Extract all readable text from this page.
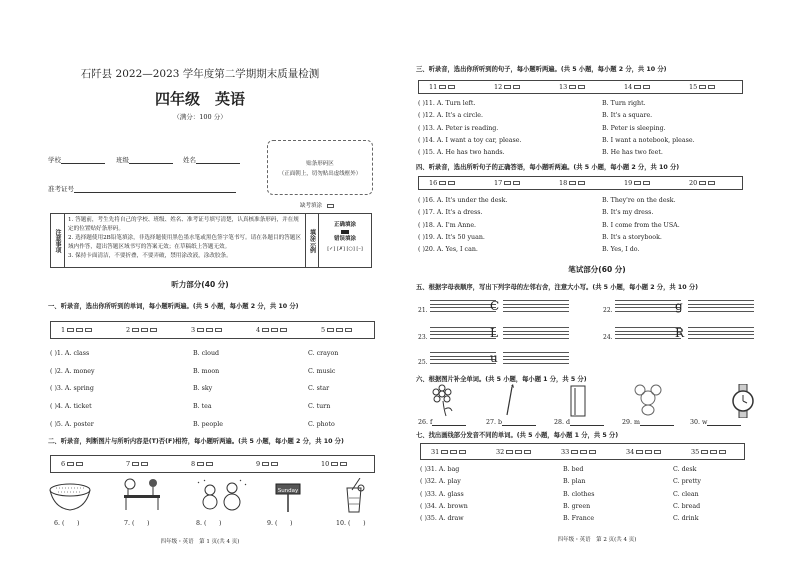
石阡县 2022—2023 学年度第二学期期末质量检测
四年级　英语
（满分：100 分）
学校	班级	姓名
准考证号
贴条形码区
（正面朝上，切勿贴出虚线框外）
缺考填涂
注意事项
1. 答题前，考生先将自己的学校、班级、姓名、准考证号填写清楚，认真核准条形码，并在规定的位置贴好条形码。
2. 选择题使用2B铅笔填涂，非选择题使用黑色墨水笔或黑色签字笔书写。请在各题目的答题区域内作答，超出答题区域书写的答案无效；在草稿纸上答题无效。
3. 保持卡面清洁，不要折叠，不要弄破，禁用涂改液，涂改胶条。
填涂示例
正确填涂
错误填涂
[✓] [✗] [○] [–]
听力部分(40 分)
一、听录音，选出你所听到的单词，每小题听两遍。(共 5 小题，每小题 2 分，共 10 分)
1	2	3	4	5
( )1. A. class	B. cloud	C. crayon
( )2. A. money	B. moon	C. music
( )3. A. spring	B. sky	C. star
( )4. A. ticket	B. tea	C. turn
( )5. A. poster	B. people	C. photo
二、听录音，判断图片与所听内容是(T)否(F)相符，每小题听两遍。(共 5 小题，每小题 2 分，共 10 分)
6	7	8	9	10
Sunday
6. (　　)	7. (　　)	8. (　　)	9. (　　)	10. (　　)
四年级・英语　第 1 页(共 4 页)
三、听录音，选出你所听到的句子，每小题听两遍。(共 5 小题，每小题 2 分，共 10 分)
11	12	13	14	15
( )11. A. Turn left.	B. Turn right.
( )12. A. It's a circle.	B. It's a square.
( )13. A. Peter is reading.	B. Peter is sleeping.
( )14. A. I want a toy car, please.	B. I want a notebook, please.
( )15. A. He has two hands.	B. He has two feet.
四、听录音，选出所听句子的正确答语，每小题听两遍。(共 5 小题，每小题 2 分，共 10 分)
16	17	18	19	20
( )16. A. It's under the desk.	B. They're on the desk.
( )17. A. It's a dress.	B. It's my dress.
( )18. A. I'm Anne.	B. I come from the USA.
( )19. A. It's 50 yuan.	B. It's a storybook.
( )20. A. Yes, I can.	B. Yes, I do.
笔试部分(60 分)
五、根据字母表顺序，写出下列字母的左邻右舍，注意大小写。(共 5 小题，每小题 2 分，共 10 分)
21.	C	22.	g
23.	L	24.	R
25.	u
六、根据图片补全单词。(共 5 小题，每小题 1 分，共 5 分)
26. f	27. b	28. d	29. m	30. w
七、找出画线部分发音不同的单词。(共 5 小题，每小题 1 分，共 5 分)
31	32	33	34	35
( )31. A. bag	B. bed	C. desk
( )32. A. play	B. plan	C. pretty
( )33. A. glass	B. clothes	C. clean
( )34. A. brown	B. green	C. bread
( )35. A. draw	B. France	C. drink
四年级・英语　第 2 页(共 4 页)
